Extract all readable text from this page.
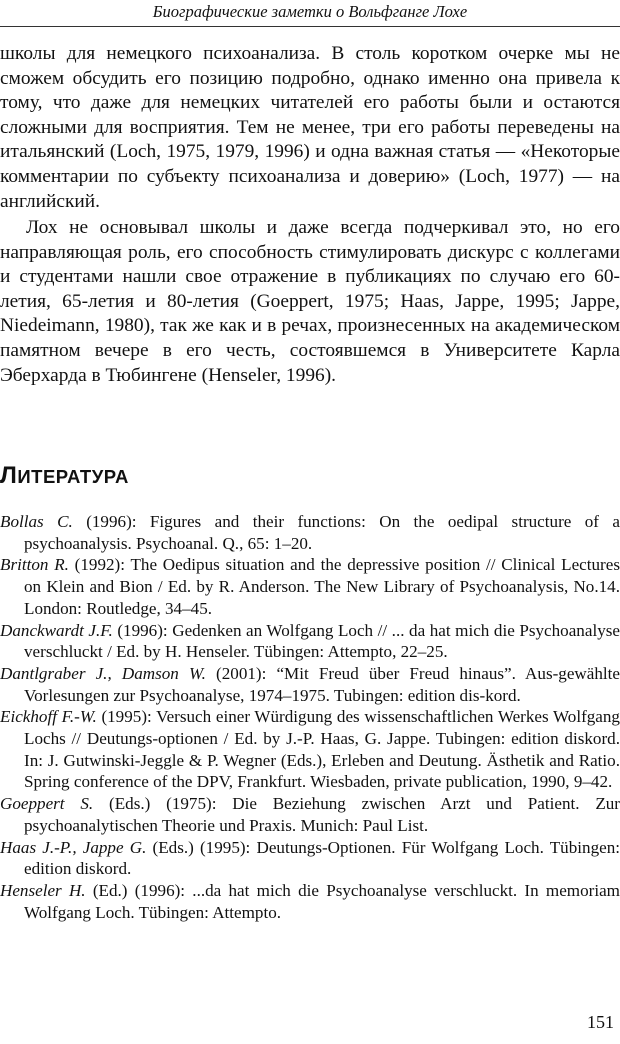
Биографические заметки о Вольфганге Лохе

школы для немецкого психоанализа. В столь коротком очерке мы не сможем обсудить его позицию подробно, однако именно она привела к тому, что даже для немецких читателей его работы были и остаются сложными для восприятия. Тем не менее, три его работы переведены на итальянский (Loch, 1975, 1979, 1996) и одна важная статья — «Некоторые комментарии по субъекту психоанализа и доверию» (Loch, 1977) — на английский.

Лох не основывал школы и даже всегда подчеркивал это, но его направляющая роль, его способность стимулировать дискурс с коллегами и студентами нашли свое отражение в публикациях по случаю его 60-летия, 65-летия и 80-летия (Goeppert, 1975; Haas, Jappe, 1995; Jappe, Niedeimann, 1980), так же как и в речах, произнесенных на академическом памятном вечере в его честь, состоявшемся в Университете Карла Эберхарда в Тюбингене (Henseler, 1996).

ЛИТЕРАТУРА
Bollas C. (1996): Figures and their functions: On the oedipal structure of a psychoanalysis. Psychoanal. Q., 65: 1–20.
Britton R. (1992): The Oedipus situation and the depressive position // Clinical Lectures on Klein and Bion / Ed. by R. Anderson. The New Library of Psychoanalysis, No.14. London: Routledge, 34–45.
Danckwardt J.F. (1996): Gedenken an Wolfgang Loch // ... da hat mich die Psychoanalyse verschluckt / Ed. by H. Henseler. Tübingen: Attempto, 22–25.
Dantlgraber J., Damson W. (2001): “Mit Freud über Freud hinaus”. Aus-gewählte Vorlesungen zur Psychoanalyse, 1974–1975. Tubingen: edition dis-kord.
Eickhoff F.-W. (1995): Versuch einer Würdigung des wissenschaftlichen Werkes Wolfgang Lochs // Deutungs-optionen / Ed. by J.-P. Haas, G. Jappe. Tubingen: edition diskord. In: J. Gutwinski-Jeggle & P. Wegner (Eds.), Erleben and Deutung. Ästhetik and Ratio. Spring conference of the DPV, Frankfurt. Wiesbaden, private publication, 1990, 9–42.
Goeppert S. (Eds.) (1975): Die Beziehung zwischen Arzt und Patient. Zur psychoanalytischen Theorie und Praxis. Munich: Paul List.
Haas J.-P., Jappe G. (Eds.) (1995): Deutungs-Optionen. Für Wolfgang Loch. Tübingen: edition diskord.
Henseler H. (Ed.) (1996): ...da hat mich die Psychoanalyse verschluckt. In memoriam Wolfgang Loch. Tübingen: Attempto.
151
